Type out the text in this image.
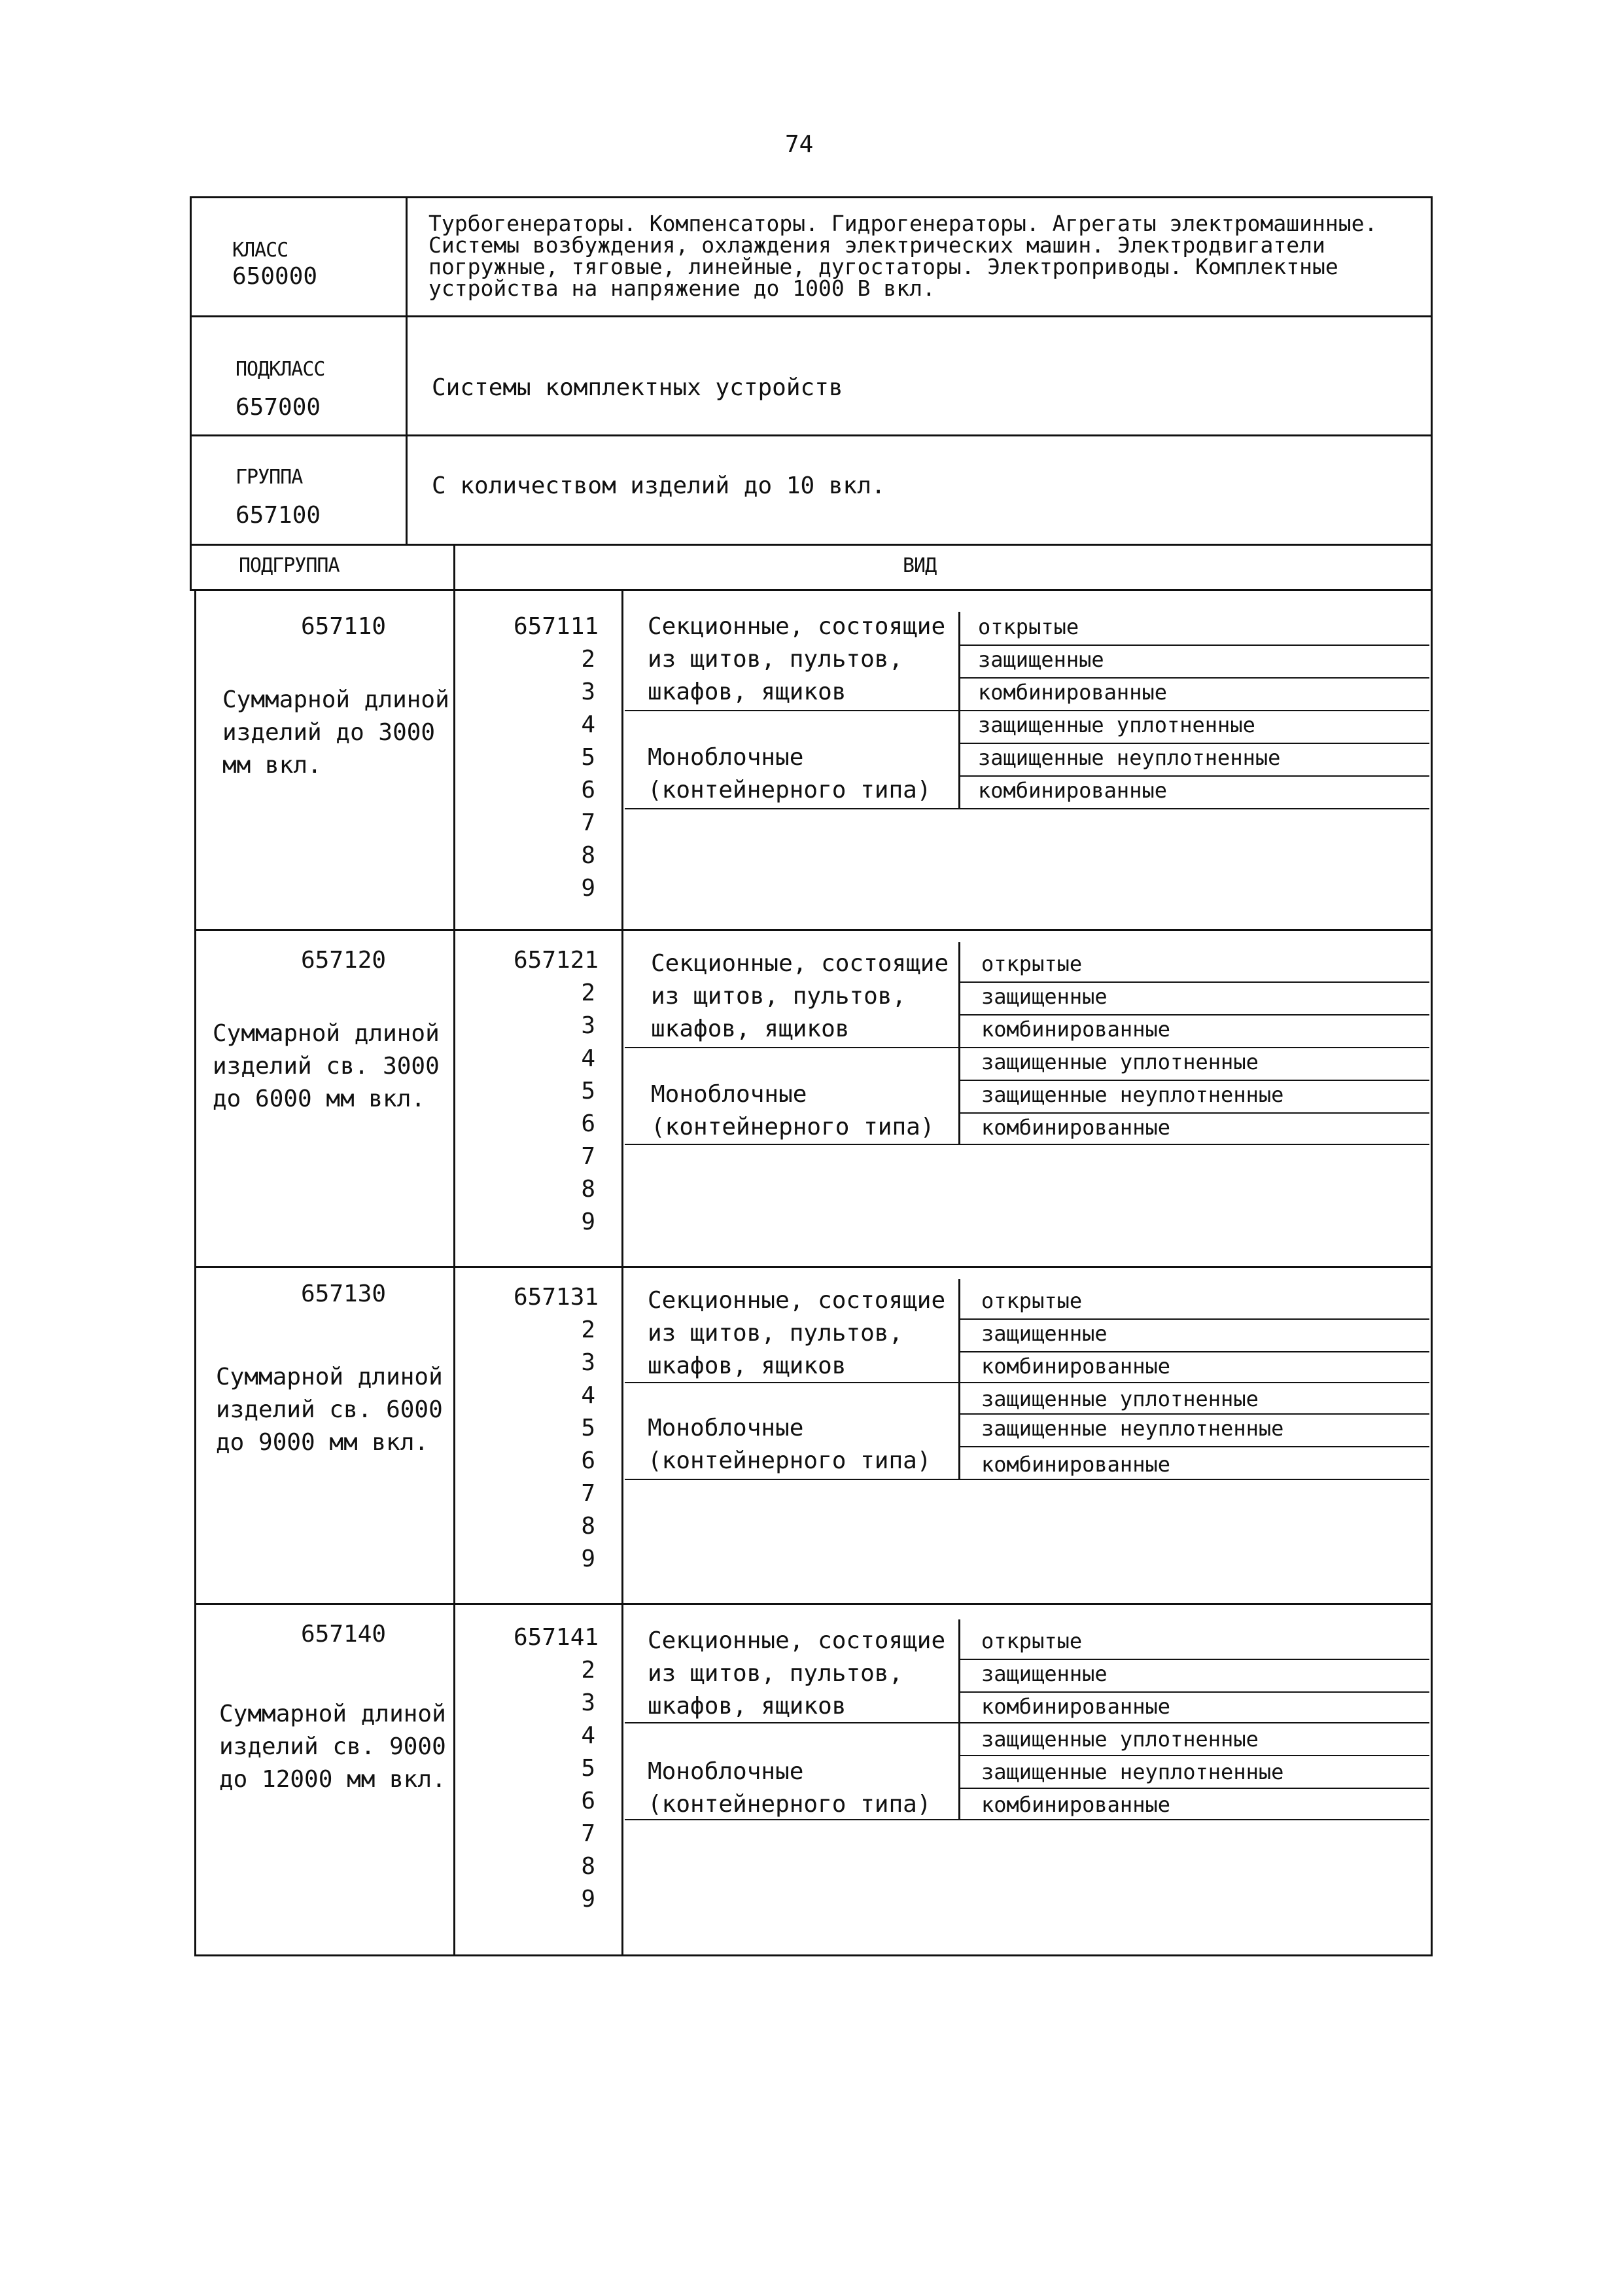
74
КЛАСС
650000
Турбогенераторы. Компенсаторы. Гидрогенераторы. Агрегаты электромашинные. Системы возбуждения, охлаждения электрических машин. Электродвигатели погружные, тяговые, линейные, дугостаторы. Электроприводы. Комплектные устройства на напряжение до 1000 В вкл.
ПОДКЛАСС
657000
Системы комплектных устройств
ГРУППА
657100
С количеством изделий до 10 вкл.
ПОДГРУППА	ВИД
657110
Суммарной длиной изделий до 3000 мм вкл.
657111
2
3
4
5
6
7
8
9
Секционные, состоящие
из щитов, пультов,
шкафов, ящиков
Моноблочные
(контейнерного типа)
открытые
защищенные
комбинированные
защищенные уплотненные
защищенные неуплотненные
комбинированные
657120
Суммарной длиной изделий св. 3000 до 6000 мм вкл.
657121
2
3
4
5
6
7
8
9
Секционные, состоящие
из щитов, пультов,
шкафов, ящиков
Моноблочные
(контейнерного типа)
открытые
защищенные
комбинированные
защищенные уплотненные
защищенные неуплотненные
комбинированные
657130
Суммарной длиной изделий св. 6000 до 9000 мм вкл.
657131
2
3
4
5
6
7
8
9
Секционные, состоящие
из щитов, пультов,
шкафов, ящиков
Моноблочные
(контейнерного типа)
открытые
защищенные
комбинированные
защищенные уплотненные
защищенные неуплотненные
комбинированные
657140
Суммарной длиной изделий св. 9000 до 12000 мм вкл.
657141
2
3
4
5
6
7
8
9
Секционные, состоящие
из щитов, пультов,
шкафов, ящиков
Моноблочные
(контейнерного типа)
открытые
защищенные
комбинированные
защищенные уплотненные
защищенные неуплотненные
комбинированные
